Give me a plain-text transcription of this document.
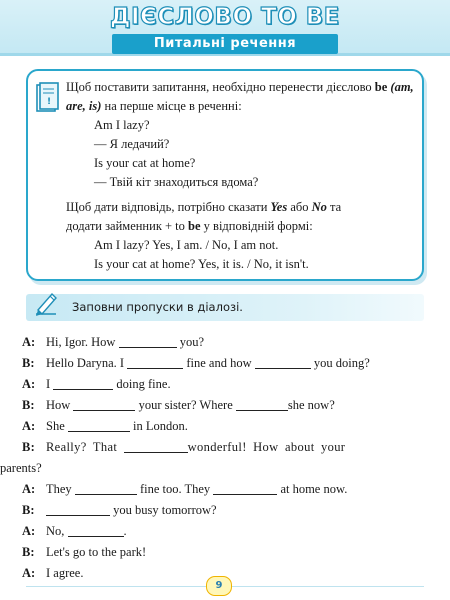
ДІЄСЛОВО TO BE
Питальні речення
!
Щоб поставити запитання, необхідно перенести дієслово be (am, are, is) на перше місце в реченні:
Am I lazy?
— Я ледачий?
Is your cat at home?
— Твій кіт знаходиться вдома?
Щоб дати відповідь, потрібно сказати Yes або No та
додати займенник + to be у відповідній формі:
Am I lazy? Yes, I am. / No, I am not.
Is your cat at home? Yes, it is. / No, it isn't.
Заповни пропуски в діалозі.
A: Hi, Igor. How	you?
B: Hello Daryna. I	fine and how	you doing?
A: I	doing fine.
B: How	your sister? Where	she now?
A: She	in London.
B: Really? That	wonderful! How about your
parents?
A: They	fine too. They	at home now.
B:	you busy tomorrow?
A: No,	.
B: Let's go to the park!
A: I agree.
9
